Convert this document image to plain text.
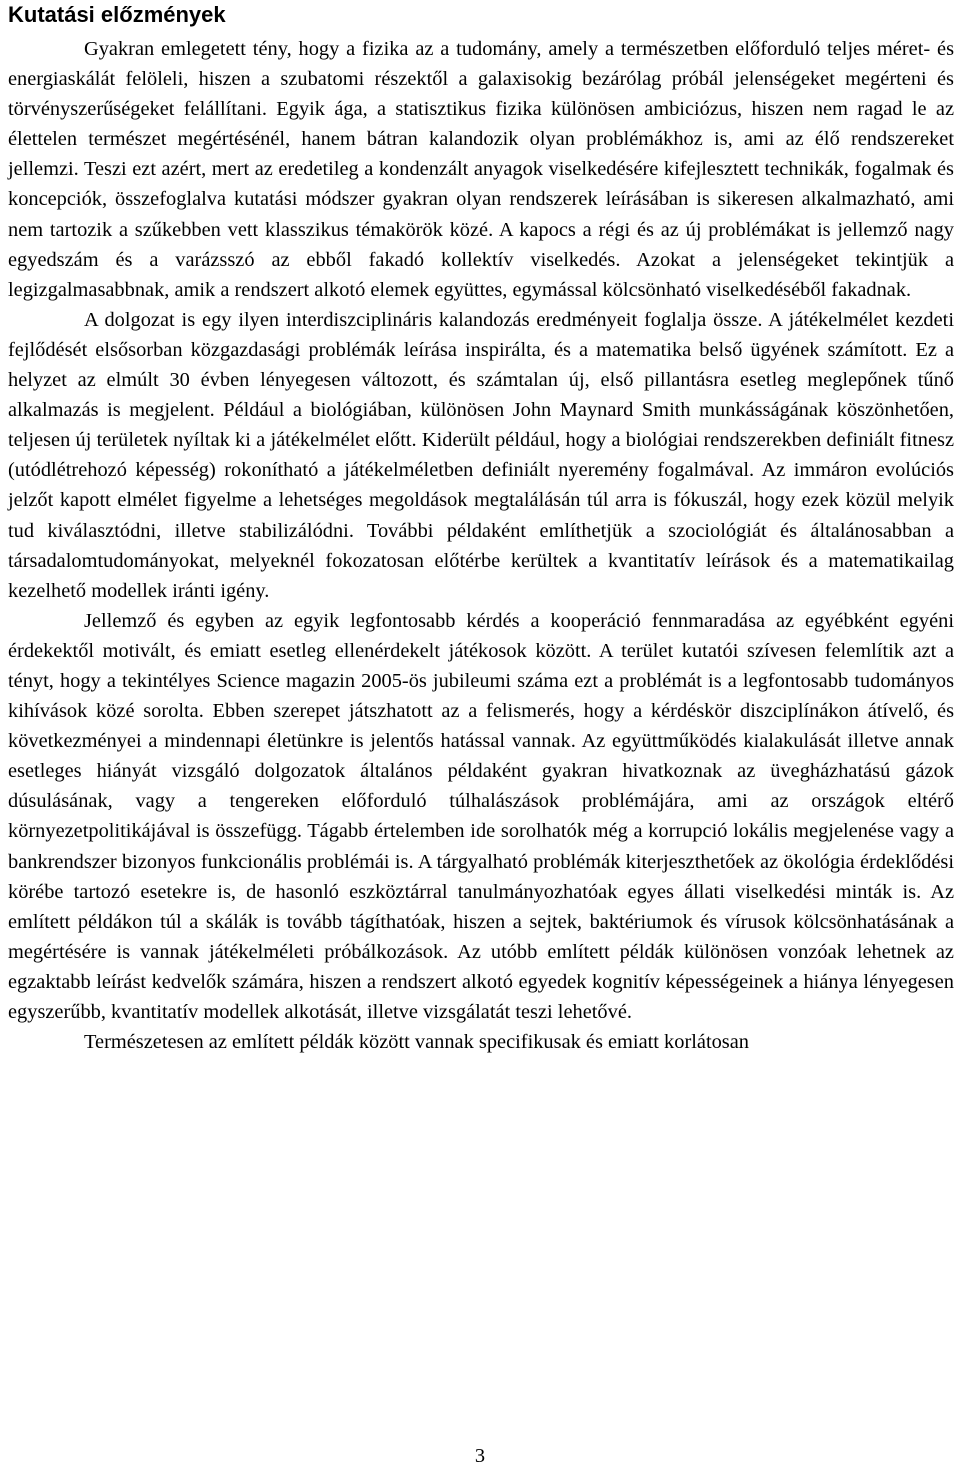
Kutatási előzmények

Gyakran emlegetett tény, hogy a fizika az a tudomány, amely a természetben előforduló teljes méret- és energiaskálát felöleli, hiszen a szubatomi részektől a galaxisokig bezárólag próbál jelenségeket megérteni és törvényszerűségeket felállítani. Egyik ága, a statisztikus fizika különösen ambiciózus, hiszen nem ragad le az élettelen természet megértésénél, hanem bátran kalandozik olyan problémákhoz is, ami az élő rendszereket jellemzi. Teszi ezt azért, mert az eredetileg a kondenzált anyagok viselkedésére kifejlesztett technikák, fogalmak és koncepciók, összefoglalva kutatási módszer gyakran olyan rendszerek leírásában is sikeresen alkalmazható, ami nem tartozik a szűkebben vett klasszikus témakörök közé. A kapocs a régi és az új problémákat is jellemző nagy egyedszám és a varázsszó az ebből fakadó kollektív viselkedés. Azokat a jelenségeket tekintjük a legizgalmasabbnak, amik a rendszert alkotó elemek együttes, egymással kölcsönható viselkedéséből fakadnak.

A dolgozat is egy ilyen interdiszciplináris kalandozás eredményeit foglalja össze. A játékelmélet kezdeti fejlődését elsősorban közgazdasági problémák leírása inspirálta, és a matematika belső ügyének számított. Ez a helyzet az elmúlt 30 évben lényegesen változott, és számtalan új, első pillantásra esetleg meglepőnek tűnő alkalmazás is megjelent. Például a biológiában, különösen John Maynard Smith munkásságának köszönhetően, teljesen új területek nyíltak ki a játékelmélet előtt. Kiderült például, hogy a biológiai rendszerekben definiált fitnesz (utódlétrehozó képesség) rokonítható a játékelméletben definiált nyeremény fogalmával. Az immáron evolúciós jelzőt kapott elmélet figyelme a lehetséges megoldások megtalálásán túl arra is fókuszál, hogy ezek közül melyik tud kiválasztódni, illetve stabilizálódni. További példaként említhetjük a szociológiát és általánosabban a társadalomtudományokat, melyeknél fokozatosan előtérbe kerültek a kvantitatív leírások és a matematikailag kezelhető modellek iránti igény.

Jellemző és egyben az egyik legfontosabb kérdés a kooperáció fennmaradása az egyébként egyéni érdekektől motivált, és emiatt esetleg ellenérdekelt játékosok között. A terület kutatói szívesen felemlítik azt a tényt, hogy a tekintélyes Science magazin 2005-ös jubileumi száma ezt a problémát is a legfontosabb tudományos kihívások közé sorolta. Ebben szerepet játszhatott az a felismerés, hogy a kérdéskör diszciplínákon átívelő, és következményei a mindennapi életünkre is jelentős hatással vannak. Az együttműködés kialakulását illetve annak esetleges hiányát vizsgáló dolgozatok általános példaként gyakran hivatkoznak az üvegházhatású gázok dúsulásának, vagy a tengereken előforduló túlhalászások problémájára, ami az országok eltérő környezetpolitikájával is összefügg. Tágabb értelemben ide sorolhatók még a korrupció lokális megjelenése vagy a bankrendszer bizonyos funkcionális problémái is. A tárgyalható problémák kiterjeszthetőek az ökológia érdeklődési körébe tartozó esetekre is, de hasonló eszköztárral tanulmányozhatóak egyes állati viselkedési minták is. Az említett példákon túl a skálák is tovább tágíthatóak, hiszen a sejtek, baktériumok és vírusok kölcsönhatásának a megértésére is vannak játékelméleti próbálkozások. Az utóbb említett példák különösen vonzóak lehetnek az egzaktabb leírást kedvelők számára, hiszen a rendszert alkotó egyedek kognitív képességeinek a hiánya lényegesen egyszerűbb, kvantitatív modellek alkotását, illetve vizsgálatát teszi lehetővé.

Természetesen az említett példák között vannak specifikusak és emiatt korlátosan

3
